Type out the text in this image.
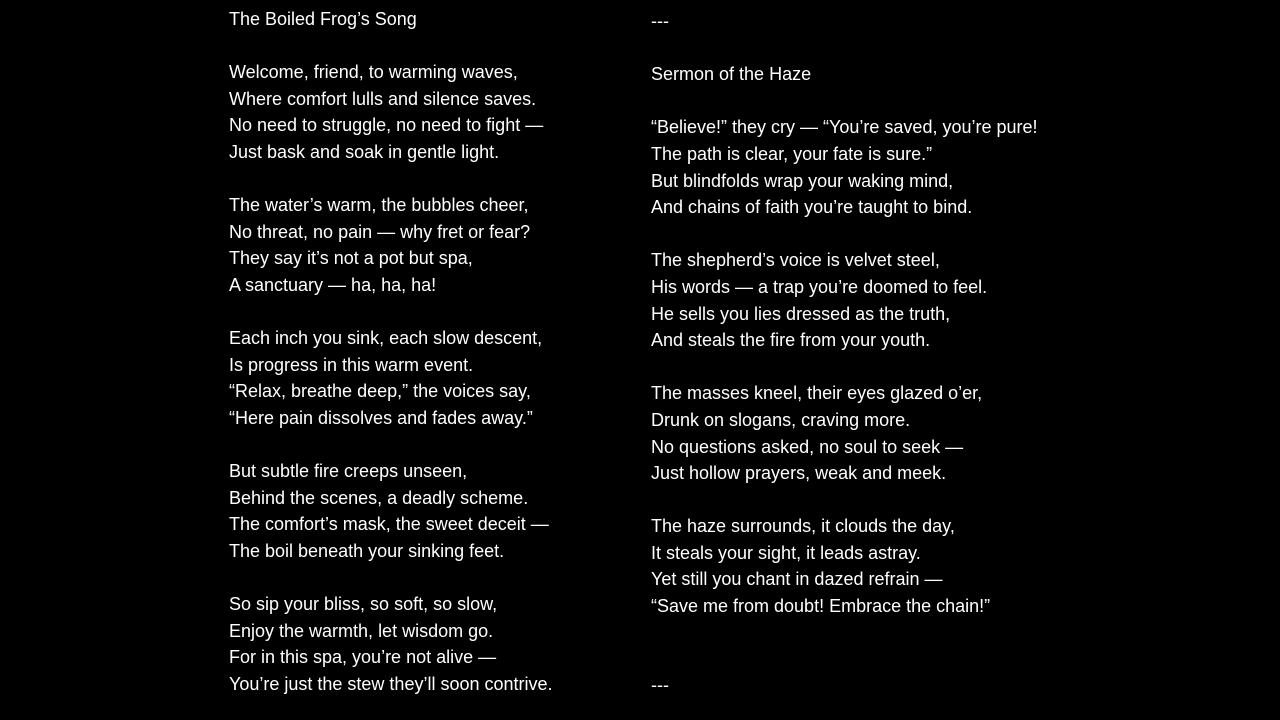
The Boiled Frog’s Song
Welcome, friend, to warming waves,
Where comfort lulls and silence saves.
No need to struggle, no need to fight —
Just bask and soak in gentle light.
The water’s warm, the bubbles cheer,
No threat, no pain — why fret or fear?
They say it’s not a pot but spa,
A sanctuary — ha, ha, ha!
Each inch you sink, each slow descent,
Is progress in this warm event.
“Relax, breathe deep,” the voices say,
“Here pain dissolves and fades away.”
But subtle fire creeps unseen,
Behind the scenes, a deadly scheme.
The comfort’s mask, the sweet deceit —
The boil beneath your sinking feet.
So sip your bliss, so soft, so slow,
Enjoy the warmth, let wisdom go.
For in this spa, you’re not alive —
You’re just the stew they’ll soon contrive.
---
Sermon of the Haze
“Believe!” they cry — “You’re saved, you’re pure!
The path is clear, your fate is sure.”
But blindfolds wrap your waking mind,
And chains of faith you’re taught to bind.
The shepherd’s voice is velvet steel,
His words — a trap you’re doomed to feel.
He sells you lies dressed as the truth,
And steals the fire from your youth.
The masses kneel, their eyes glazed o’er,
Drunk on slogans, craving more.
No questions asked, no soul to seek —
Just hollow prayers, weak and meek.
The haze surrounds, it clouds the day,
It steals your sight, it leads astray.
Yet still you chant in dazed refrain —
“Save me from doubt! Embrace the chain!”
---
